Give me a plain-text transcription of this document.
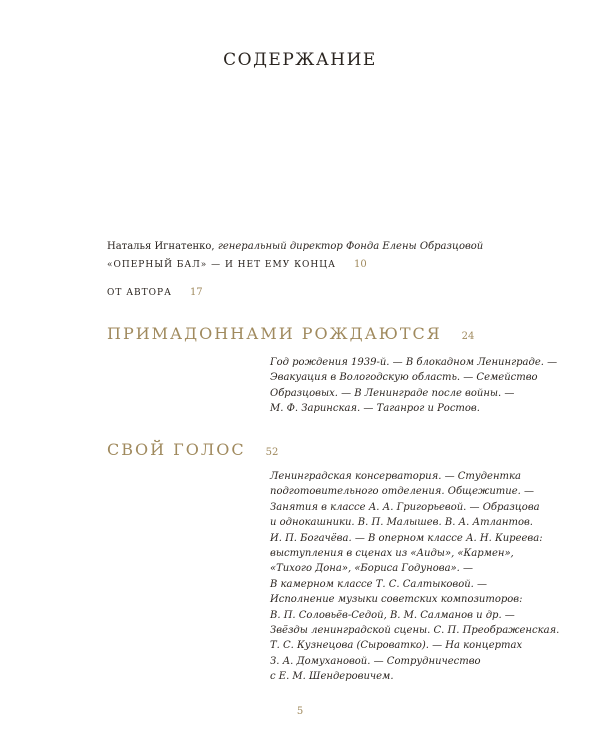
СОДЕРЖАНИЕ
Наталья Игнатенко, генеральный директор Фонда Елены Образцовой
«ОПЕРНЫЙ БАЛ» — И НЕТ ЕМУ КОНЦА 10
ОТ АВТОРА 17
ПРИМАДОННАМИ РОЖДАЮТСЯ 24

Год рождения 1939-й. — В блокадном Ленинграде. —
Эвакуация в Вологодскую область. — Семейство
Образцовых. — В Ленинграде после войны. —
М. Ф. Заринская. — Таганрог и Ростов.

СВОЙ ГОЛОС 52

Ленинградская консерватория. — Студентка
подготовительного отделения. Общежитие. —
Занятия в классе А. А. Григорьевой. — Образцова
и однокашники. В. П. Малышев. В. А. Атлантов.
И. П. Богачёва. — В оперном классе А. Н. Киреева:
выступления в сценах из «Аиды», «Кармен»,
«Тихого Дона», «Бориса Годунова». —
В камерном классе Т. С. Салтыковой. —
Исполнение музыки советских композиторов:
В. П. Соловьёв-Седой, В. М. Салманов и др. —
Звёзды ленинградской сцены. С. П. Преображенская.
Т. С. Кузнецова (Сыроватко). — На концертах
З. А. Домухановой. — Сотрудничество
с Е. М. Шендеровичем.

5
